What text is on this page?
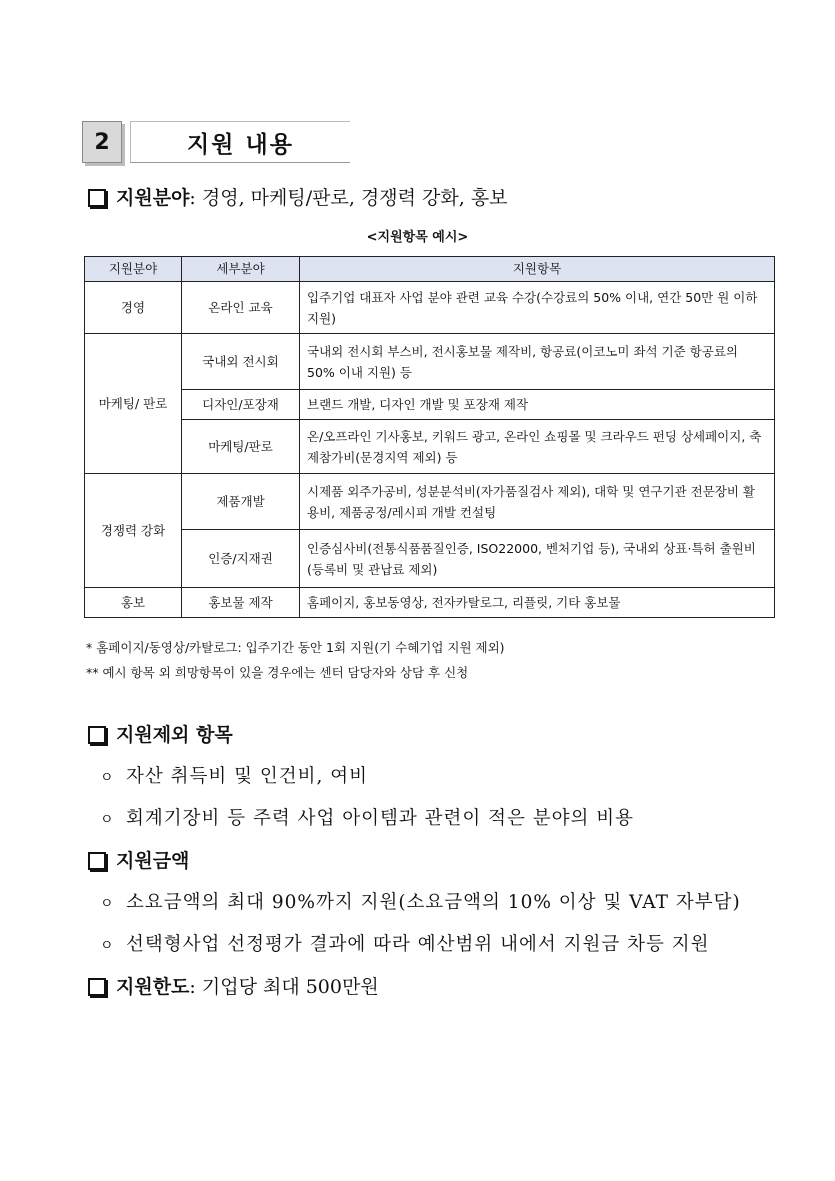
2	지원 내용
지원분야 : 경영, 마케팅/판로, 경쟁력 강화, 홍보
<지원항목 예시>
지원분야	세부분야	지원항목
경영	온라인 교육	입주기업 대표자 사업 분야 관련 교육 수강(수강료의 50% 이내, 연간 50만 원 이하 지원)
마케팅/ 판로	국내외 전시회	국내외 전시회 부스비, 전시홍보물 제작비, 항공료(이코노미 좌석 기준 항공료의 50% 이내 지원) 등
	디자인/포장재	브랜드 개발, 디자인 개발 및 포장재 제작
	마케팅/판로	온/오프라인 기사홍보, 키워드 광고, 온라인 쇼핑몰 및 크라우드 펀딩 상세페이지, 축제참가비(문경지역 제외) 등
경쟁력 강화	제품개발	시제품 외주가공비, 성분분석비(자가품질검사 제외), 대학 및 연구기관 전문장비 활용비, 제품공정/레시피 개발 컨설팅
	인증/지재권	인증심사비(전통식품품질인증, ISO22000, 벤처기업 등), 국내외 상표·특허 출원비(등록비 및 관납료 제외)
홍보	홍보물 제작	홈페이지, 홍보동영상, 전자카탈로그, 리플릿, 기타 홍보물
* 홈페이지/동영상/카탈로그: 입주기간 동안 1회 지원(기 수혜기업 지원 제외)
** 예시 항목 외 희망항목이 있을 경우에는 센터 담당자와 상담 후 신청
지원제외 항목
ㅇ 자산 취득비 및 인건비, 여비
ㅇ 회계기장비 등 주력 사업 아이템과 관련이 적은 분야의 비용
지원금액
ㅇ 소요금액의 최대 90%까지 지원(소요금액의 10% 이상 및 VAT 자부담)
ㅇ 선택형사업 선정평가 결과에 따라 예산범위 내에서 지원금 차등 지원
지원한도 : 기업당 최대 500만원
